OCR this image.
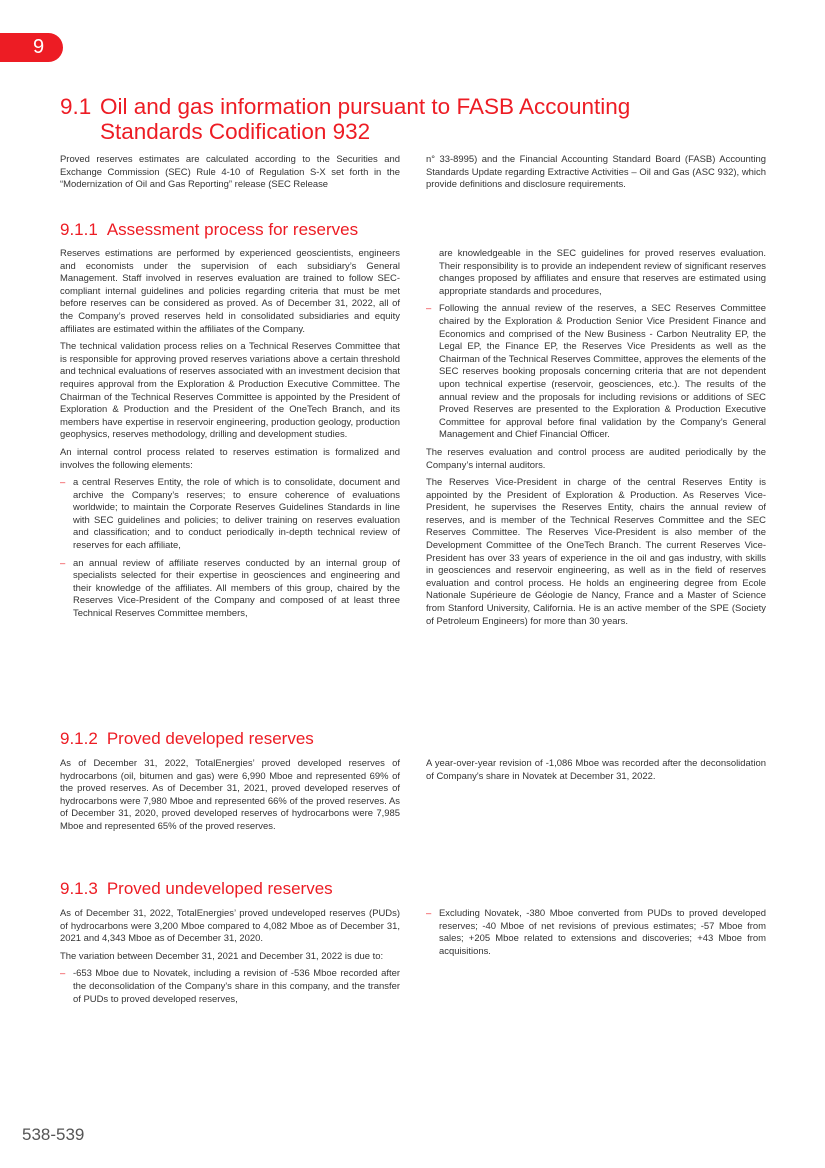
9
9.1 Oil and gas information pursuant to FASB Accounting
Standards Codification 932

Proved reserves estimates are calculated according to the Securities and Exchange Commission (SEC) Rule 4-10 of Regulation S-X set forth in the “Modernization of Oil and Gas Reporting” release (SEC Release

n° 33-8995) and the Financial Accounting Standard Board (FASB) Accounting Standards Update regarding Extractive Activities – Oil and Gas (ASC 932), which provide definitions and disclosure requirements.

9.1.1 Assessment process for reserves

Reserves estimations are performed by experienced geoscientists, engineers and economists under the supervision of each subsidiary’s General Management. Staff involved in reserves evaluation are trained to follow SEC-compliant internal guidelines and policies regarding criteria that must be met before reserves can be considered as proved. As of December 31, 2022, all of the Company’s proved reserves held in consolidated subsidiaries and equity affiliates are estimated within the affiliates of the Company.

The technical validation process relies on a Technical Reserves Committee that is responsible for approving proved reserves variations above a certain threshold and technical evaluations of reserves associated with an investment decision that requires approval from the Exploration & Production Executive Committee. The Chairman of the Technical Reserves Committee is appointed by the President of Exploration & Production and the President of the OneTech Branch, and its members have expertise in reservoir engineering, production geology, production geophysics, reserves methodology, drilling and development studies.

An internal control process related to reserves estimation is formalized and involves the following elements:

– a central Reserves Entity, the role of which is to consolidate, document and archive the Company’s reserves; to ensure coherence of evaluations worldwide; to maintain the Corporate Reserves Guidelines Standards in line with SEC guidelines and policies; to deliver training on reserves evaluation and classification; and to conduct periodically in-depth technical review of reserves for each affiliate,
– an annual review of affiliate reserves conducted by an internal group of specialists selected for their expertise in geosciences and engineering and their knowledge of the affiliates. All members of this group, chaired by the Reserves Vice-President of the Company and composed of at least three Technical Reserves Committee members,

are knowledgeable in the SEC guidelines for proved reserves evaluation. Their responsibility is to provide an independent review of significant reserves changes proposed by affiliates and ensure that reserves are estimated using appropriate standards and procedures,

– Following the annual review of the reserves, a SEC Reserves Committee chaired by the Exploration & Production Senior Vice President Finance and Economics and comprised of the New Business - Carbon Neutrality EP, the Legal EP, the Finance EP, the Reserves Vice Presidents as well as the Chairman of the Technical Reserves Committee, approves the elements of the SEC reserves booking proposals concerning criteria that are not dependent upon technical expertise (reservoir, geosciences, etc.). The results of the annual review and the proposals for including revisions or additions of SEC Proved Reserves are presented to the Exploration & Production Executive Committee for approval before final validation by the Company’s General Management and Chief Financial Officer.

The reserves evaluation and control process are audited periodically by the Company’s internal auditors.

The Reserves Vice-President in charge of the central Reserves Entity is appointed by the President of Exploration & Production. As Reserves Vice-President, he supervises the Reserves Entity, chairs the annual review of reserves, and is member of the Technical Reserves Committee and the SEC Reserves Committee. The Reserves Vice-President is also member of the Development Committee of the OneTech Branch. The current Reserves Vice-President has over 33 years of experience in the oil and gas industry, with skills in geosciences and reservoir engineering, as well as in the field of reserves evaluation and control process. He holds an engineering degree from Ecole Nationale Supérieure de Géologie de Nancy, France and a Master of Science from Stanford University, California. He is an active member of the SPE (Society of Petroleum Engineers) for more than 30 years.

9.1.2 Proved developed reserves

As of December 31, 2022, TotalEnergies’ proved developed reserves of hydrocarbons (oil, bitumen and gas) were 6,990 Mboe and represented 69% of the proved reserves. As of December 31, 2021, proved developed reserves of hydrocarbons were 7,980 Mboe and represented 66% of the proved reserves. As of December 31, 2020, proved developed reserves of hydrocarbons were 7,985 Mboe and represented 65% of the proved reserves.

A year-over-year revision of -1,086 Mboe was recorded after the deconsolidation of Company's share in Novatek at December 31, 2022.

9.1.3 Proved undeveloped reserves

As of December 31, 2022, TotalEnergies’ proved undeveloped reserves (PUDs) of hydrocarbons were 3,200 Mboe compared to 4,082 Mboe as of December 31, 2021 and 4,343 Mboe as of December 31, 2020.

The variation between December 31, 2021 and December 31, 2022 is due to:

– -653 Mboe due to Novatek, including a revision of -536 Mboe recorded after the deconsolidation of the Company's share in this company, and the transfer of PUDs to proved developed reserves,
– Excluding Novatek, -380 Mboe converted from PUDs to proved developed reserves; -40 Mboe of net revisions of previous estimates; -57 Mboe from sales; +205 Mboe related to extensions and discoveries; +43 Mboe from acquisitions.
538-539
